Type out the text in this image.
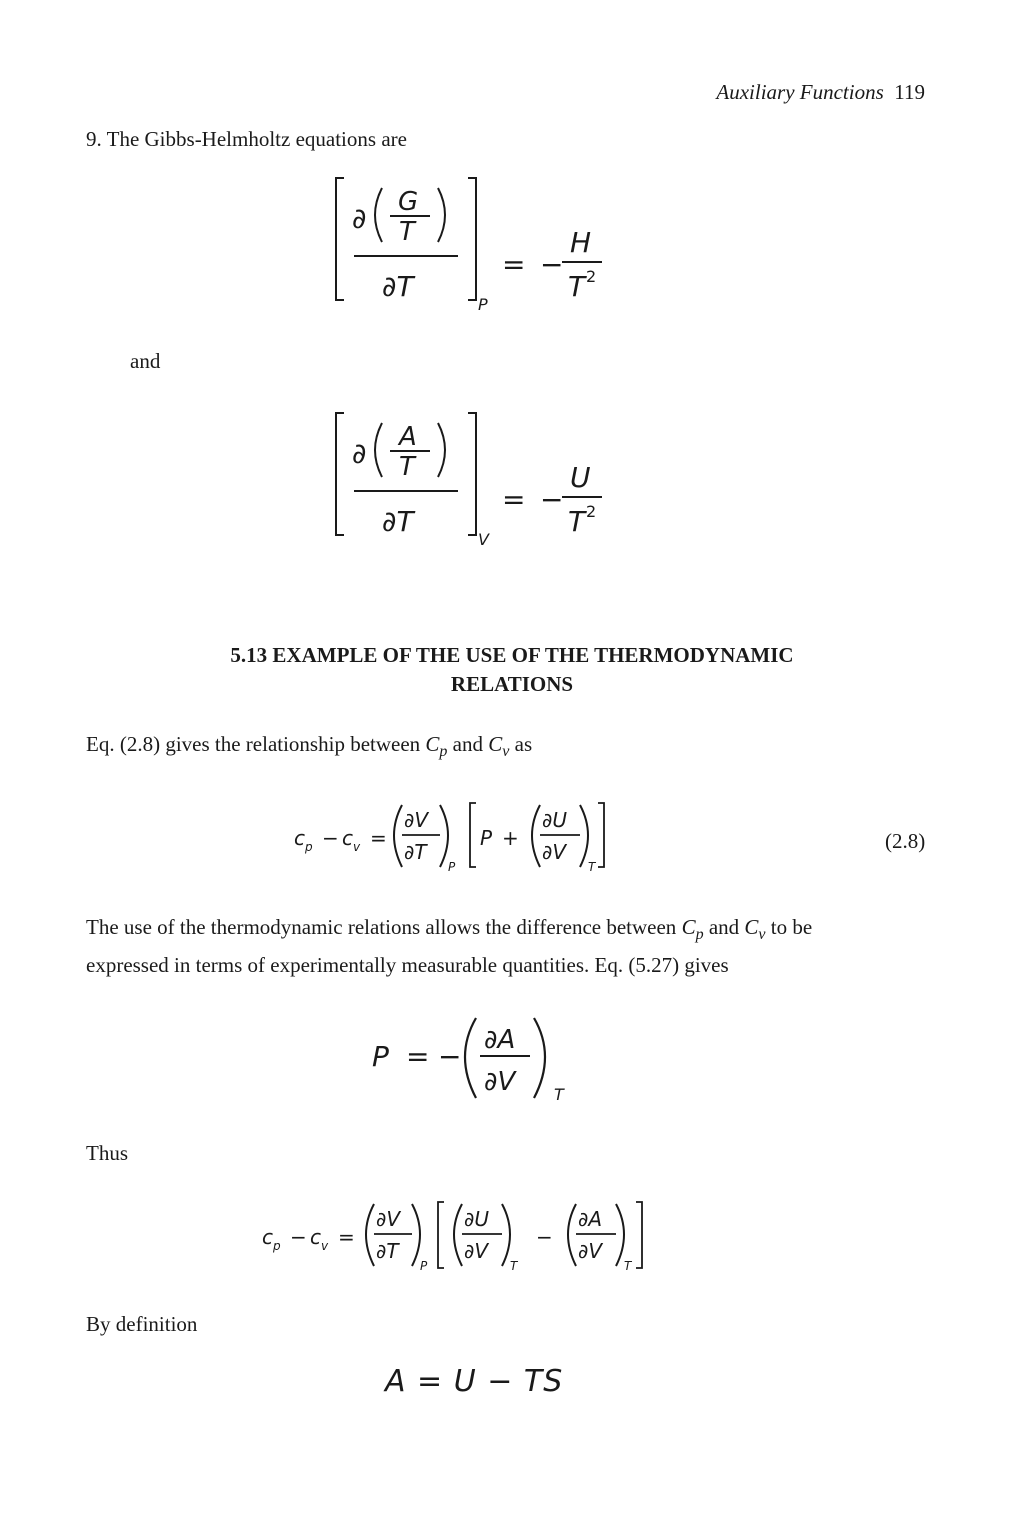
Auxiliary Functions 119
9. The Gibbs-Helmholtz equations are
∂ G
T
∂T
P
= −
H
T 2
and
∂ A
T
∂T
V
= −
U
T 2
5.13 EXAMPLE OF THE USE OF THE THERMODYNAMIC
RELATIONS
Eq. (2.8) gives the relationship between $C_p$ and $C_v$ as
c p − c v =
∂V
∂T
P
P +
∂U
∂V
T
(2.8)
The use of the thermodynamic relations allows the difference between $C_p$ and $C_v$ to be
expressed in terms of experimentally measurable quantities. Eq. (5.27) gives
P = − ∂A
∂V T
Thus
c p − c v =
∂V
∂T
P
∂U
∂V
T
−
∂A
∂V
T
By definition
A = U − TS
